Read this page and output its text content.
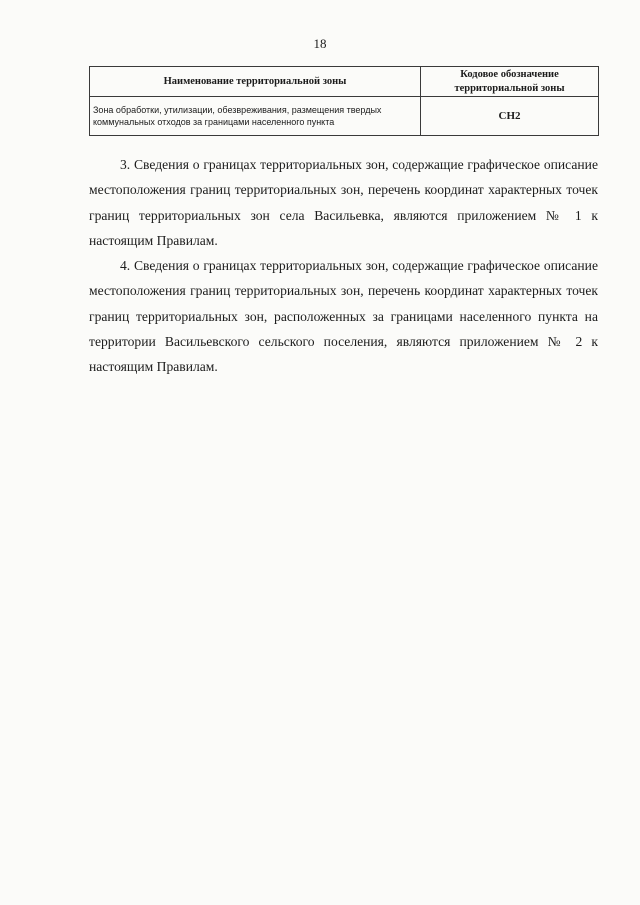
18
Наименование территориальной зоны	Кодовое обозначение территориальной зоны
Зона обработки, утилизации, обезвреживания, размещения твердых коммунальных отходов за границами населенного пункта	СН2

3. Сведения о границах территориальных зон, содержащие графическое описание местоположения границ территориальных зон, перечень координат характерных точек границ территориальных зон села Васильевка, являются приложением № 1 к настоящим Правилам.

4. Сведения о границах территориальных зон, содержащие графическое описание местоположения границ территориальных зон, перечень координат характерных точек границ территориальных зон, расположенных за границами населенного пункта на территории Васильевского сельского поселения, являются приложением № 2 к настоящим Правилам.
